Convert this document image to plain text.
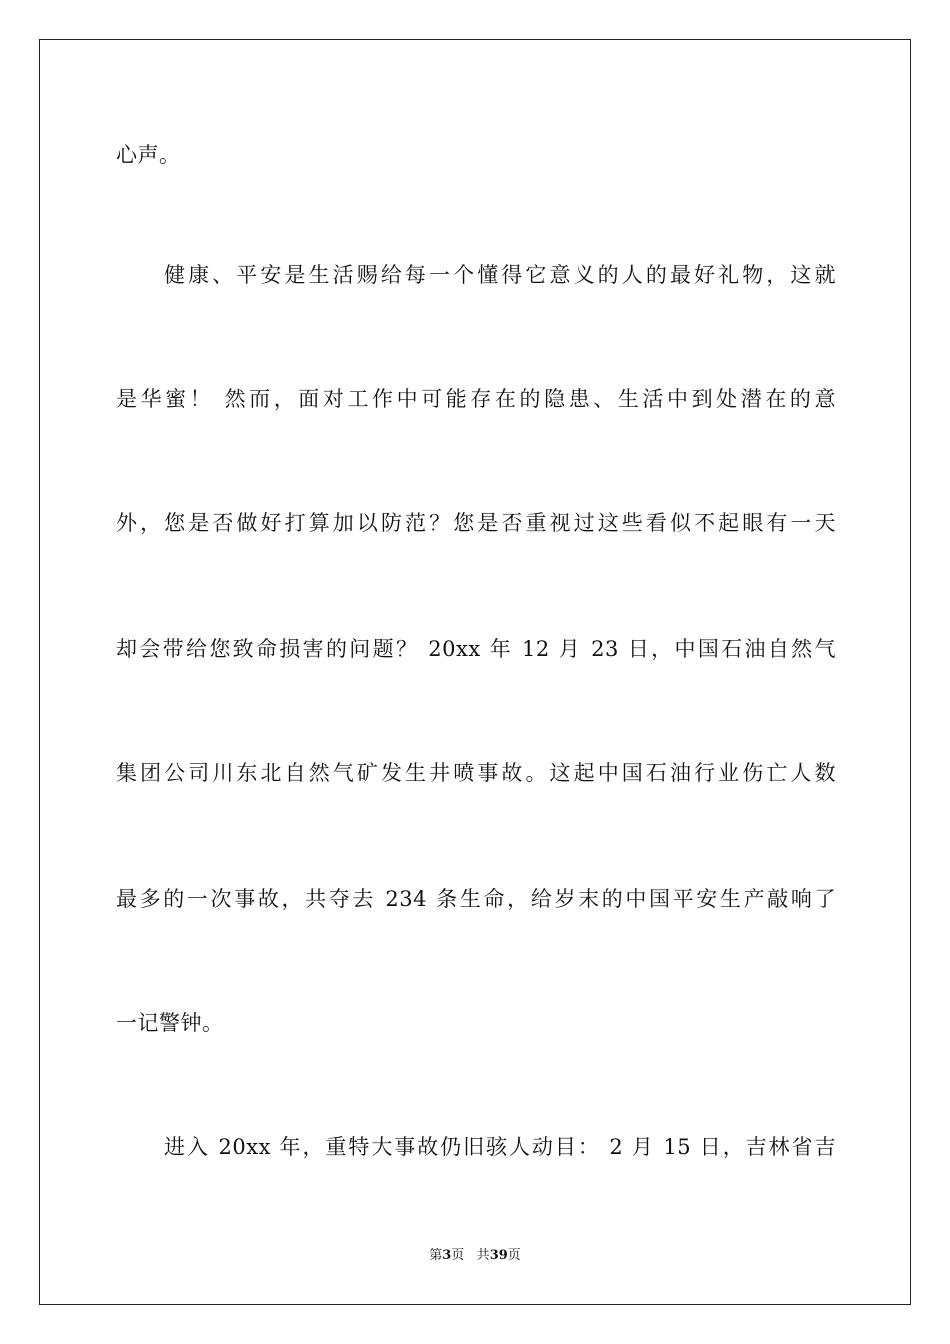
心声。
健康、平安是生活赐给每一个懂得它意义的人的最好礼物，这就
是华蜜！ 然而，面对工作中可能存在的隐患、生活中到处潜在的意
外，您是否做好打算加以防范？您是否重视过这些看似不起眼有一天
却会带给您致命损害的问题？ 20xx 年 12 月 23 日，中国石油自然气
集团公司川东北自然气矿发生井喷事故。这起中国石油行业伤亡人数
最多的一次事故，共夺去 234 条生命，给岁末的中国平安生产敲响了
一记警钟。
进入 20xx 年，重特大事故仍旧骇人动目： 2 月 15 日，吉林省吉
第3页 共39页
